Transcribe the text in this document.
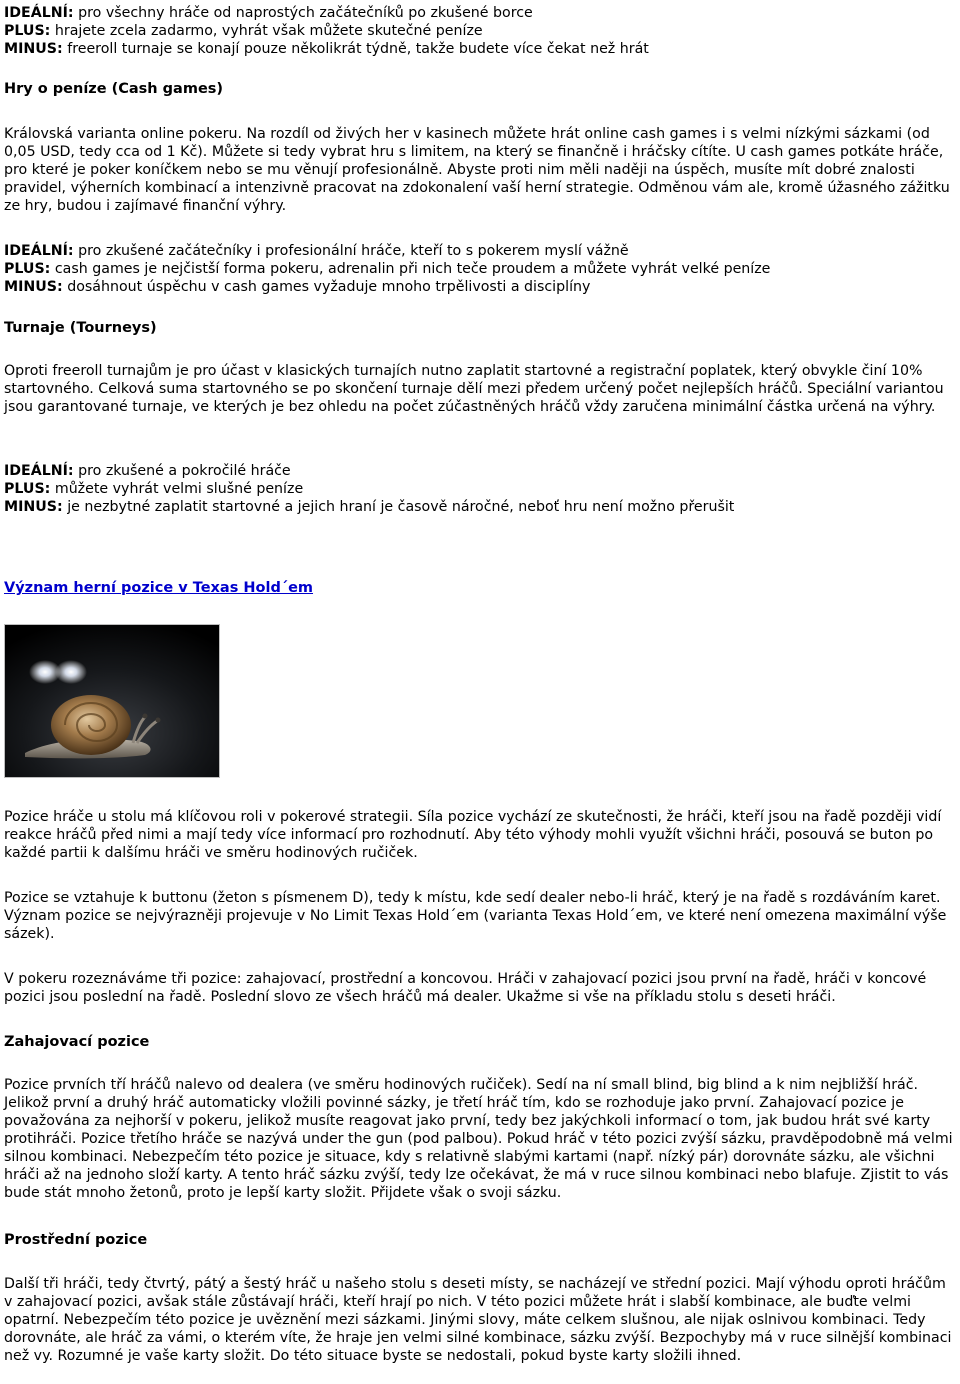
IDEÁLNÍ: pro všechny hráče od naprostých začátečníků po zkušené borce

PLUS: hrajete zcela zadarmo, vyhrát však můžete skutečné peníze

MINUS: freeroll turnaje se konají pouze několikrát týdně, takže budete více čekat než hrát

Hry o peníze (Cash games)

Královská varianta online pokeru. Na rozdíl od živých her v kasinech můžete hrát online cash games i s velmi nízkými sázkami (od 0,05 USD, tedy cca od 1 Kč). Můžete si tedy vybrat hru s limitem, na který se finančně i hráčsky cítíte. U cash games potkáte hráče, pro které je poker koníčkem nebo se mu věnují profesionálně. Abyste proti nim měli naději na úspěch, musíte mít dobré znalosti pravidel, výherních kombinací a intenzivně pracovat na zdokonalení vaší herní strategie. Odměnou vám ale, kromě úžasného zážitku ze hry, budou i zajímavé finanční výhry.

IDEÁLNÍ: pro zkušené začátečníky i profesionální hráče, kteří to s pokerem myslí vážně

PLUS: cash games je nejčistší forma pokeru, adrenalin při nich teče proudem a můžete vyhrát velké peníze

MINUS: dosáhnout úspěchu v cash games vyžaduje mnoho trpělivosti a disciplíny

Turnaje (Tourneys)

Oproti freeroll turnajům je pro účast v klasických turnajích nutno zaplatit startovné a registrační poplatek, který obvykle činí 10% startovného. Celková suma startovného se po skončení turnaje dělí mezi předem určený počet nejlepších hráčů. Speciální variantou jsou garantované turnaje, ve kterých je bez ohledu na počet zúčastněných hráčů vždy zaručena minimální částka určená na výhry.

IDEÁLNÍ: pro zkušené a pokročilé hráče

PLUS: můžete vyhrát velmi slušné peníze

MINUS: je nezbytné zaplatit startovné a jejich hraní je časově náročné, neboť hru není možno přerušit

Význam herní pozice v Texas Hold´em

Pozice hráče u stolu má klíčovou roli v pokerové strategii. Síla pozice vychází ze skutečnosti, že hráči, kteří jsou na řadě později vidí reakce hráčů před nimi a mají tedy více informací pro rozhodnutí. Aby této výhody mohli využít všichni hráči, posouvá se buton po každé partii k dalšímu hráči ve směru hodinových ručiček.

Pozice se vztahuje k buttonu (žeton s písmenem D), tedy k místu, kde sedí dealer nebo-li hráč, který je na řadě s rozdáváním karet. Význam pozice se nejvýrazněji projevuje v No Limit Texas Hold´em (varianta Texas Hold´em, ve které není omezena maximální výše sázek).

V pokeru rozeznáváme tři pozice: zahajovací, prostřední a koncovou. Hráči v zahajovací pozici jsou první na řadě, hráči v koncové pozici jsou poslední na řadě. Poslední slovo ze všech hráčů má dealer. Ukažme si vše na příkladu stolu s deseti hráči.

Zahajovací pozice

Pozice prvních tří hráčů nalevo od dealera (ve směru hodinových ručiček). Sedí na ní small blind, big blind a k nim nejbližší hráč. Jelikož první a druhý hráč automaticky vložili povinné sázky, je třetí hráč tím, kdo se rozhoduje jako první. Zahajovací pozice je považována za nejhorší v pokeru, jelikož musíte reagovat jako první, tedy bez jakýchkoli informací o tom, jak budou hrát své karty protihráči. Pozice třetího hráče se nazývá under the gun (pod palbou). Pokud hráč v této pozici zvýší sázku, pravděpodobně má velmi silnou kombinaci. Nebezpečím této pozice je situace, kdy s relativně slabými kartami (např. nízký pár) dorovnáte sázku, ale všichni hráči až na jednoho složí karty. A tento hráč sázku zvýší, tedy lze očekávat, že má v ruce silnou kombinaci nebo blafuje. Zjistit to vás bude stát mnoho žetonů, proto je lepší karty složit. Přijdete však o svoji sázku.

Prostřední pozice

Další tři hráči, tedy čtvrtý, pátý a šestý hráč u našeho stolu s deseti místy, se nacházejí ve střední pozici. Mají výhodu oproti hráčům v zahajovací pozici, avšak stále zůstávají hráči, kteří hrají po nich. V této pozici můžete hrát i slabší kombinace, ale buďte velmi opatrní. Nebezpečím této pozice je uvěznění mezi sázkami. Jinými slovy, máte celkem slušnou, ale nijak oslnivou kombinaci. Tedy dorovnáte, ale hráč za vámi, o kterém víte, že hraje jen velmi silné kombinace, sázku zvýší. Bezpochyby má v ruce silnější kombinaci než vy. Rozumné je vaše karty složit. Do této situace byste se nedostali, pokud byste karty složili ihned.
